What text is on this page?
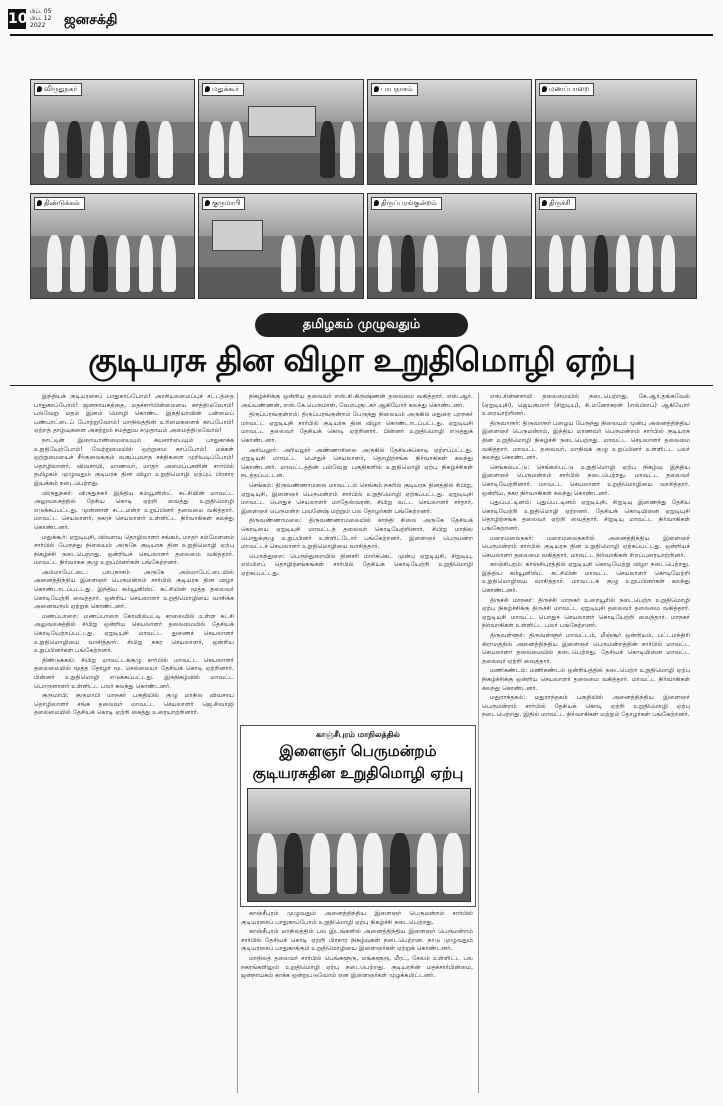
10 பிப். 05
பிப். 12
2022	ஜனசக்தி
விருதுநகர்	மதுக்கூர்	பாபநாசம்	மணப்பாறை
திண்டுக்கல்	குருமாபி	திருப்பரங்குன்றம்	திருச்சி
தமிழகம் முழுவதும்
குடியரசு தின விழா உறுதிமொழி ஏற்பு

இந்தியக் குடியரசைப் பாதுகாப்போம்! அரசியலமைப்புச் சட்டத்தை பாதுகாப்போம்! ஜனநாயகத்தை, மதச்சார்பின்மையை காத்திடுவோம்! பல்வேறு மதம் இனம் மொழி கொண்ட இந்தியாவின் பன்மைப் பண்பாட்டைப் போற்றுவோம்! மாநிலத்தின் உரிமைகளைக் காப்போம்! ஏற்றத் தாழ்வுகளை அகற்றும் சமத்துவ சமுதாயம் அமைத்திடுவோம்!

நாட்டின் இறையாண்மையையும் சுயசார்பையும் பாதுகாக்க உறுதியேற்போம்! வேற்றுமையில் ஒற்றுமை காப்போம்! மக்கள் ஒற்றுமையைச் சீர்குலைக்கும் வகுப்புவாத சக்திகளை முறியடிப்போம்! தொழிலாளர், விவசாயி, மாணவர், மாதர் அமைப்புகளின் சார்பில் தமிழகம் முழுவதும் குடியரசு தின விழா உறுதிமொழி ஏற்புப் பிரசார இயக்கம் நடைபெற்றது.

விருதுநகர்: விருதுநகர் இந்திய கம்யூனிஸ்ட் கட்சியின் மாவட்ட அலுவலகத்தில் தேசிய கொடி ஏற்றி வைத்து உறுதிமொழி எடுக்கப்பட்டது. முன்னாள் சட்டமன்ற உறுப்பினர் தலைமை வகித்தார். மாவட்ட செயலாளர், நகரச் செயலாளர் உள்ளிட்ட நிர்வாகிகள் கலந்து கொண்டனர்.

மதுக்கூர்: ஏஐடியுசி, விவசாய தொழிலாளர் சங்கம், மாதர் சம்மேளனம் சார்பில் பேருந்து நிலையம் அருகே குடியரசு தின உறுதிமொழி ஏற்பு நிகழ்ச்சி நடைபெற்றது. ஒன்றியச் செயலாளர் தலைமை வகித்தார். மாவட்ட நிர்வாகக் குழு உறுப்பினர்கள் பங்கேற்றனர்.

அம்மாபேட்டை: பாபநாசம் அருகே அம்மாபேட்டையில் அனைத்திந்திய இளைஞர் பெருமன்றம் சார்பில் குடியரசு தின விழா கொண்டாடப்பட்டது. இந்திய கம்யூனிஸ்ட் கட்சியின் மூத்த தலைவர் கொடியேற்றி வைத்தார். ஒன்றிய செயலாளர் உறுதிமொழியை வாசிக்க அனைவரும் ஏற்றுக் கொண்டனர்.

மணப்பாறை: மணப்பாறை கோவில்பட்டி சாலையில் உள்ள கட்சி அலுவலகத்தில் சிபிஐ ஒன்றிய செயலாளர் தலைமையில் தேசியக் கொடியேற்றப்பட்டது. ஏஐடியுசி மாவட்ட துணைச் செயலாளர் உறுதிமொழியை வாசித்தார். சிபிஐ நகர செயலாளர், ஒன்றிய உறுப்பினர்கள் பங்கேற்றனர்.

திண்டுக்கல்: சிபிஐ மாவட்டக்குழு சார்பில் மாவட்ட செயலாளர் தலைமையில் மூத்த தோழர் மூ. செல்லையா தேசியக் கொடி ஏற்றினார். பின்னர் உறுதிமொழி எடுக்கப்பட்டது. இந்நிகழ்வில் மாவட்ட பொருளாளர் உள்ளிட்ட பலர் கலந்து கொண்டனர்.

குருமாபி: குருமாபி மாநகர் பகுதியில் குழு மாநில விவசாய தொழிலாளர் சங்க தலைவர் மாவட்ட செயலாளர் ஜெ.சிவாஜி தலைமையில் தேசியக் கொடி ஏற்றி கைத்து உரையாற்றினார்.

நிகழ்ச்சிக்கு ஒன்றிய தலைவர் எஸ்.சி.கிருஷ்ணன் தலைமை வகித்தார். எஸ்.ஆர். அய்யண்ணன், எஸ்.கே.பெருமாள், வேம்புகுடகர் ஆகியோர் கலந்து கொண்டனர்.

திருப்பரங்குன்றம்: திருப்பரங்குன்றம் பேருந்து நிலையம் அருகில் மதுரை புறநகர் மாவட்ட ஏஐடியுசி சார்பில் குடியரசு தின விழா கொண்டாடப்பட்டது. ஏஐடியுசி மாவட்ட தலைவர் தேசியக் கொடி ஏற்றினார். பின்னர் உறுதிமொழி எடுத்துக் கொண்டனர்.

அரியலூர்: அரியலூர் அண்ணாசிலை அருகில் தேசியக்கொடி ஏற்றப்பட்டது. ஏஐடியுசி மாவட்ட பொதுச் செயலாளர், தொழிற்சங்க நிர்வாகிகள் கலந்து கொண்டனர். மாவட்டத்தின் பல்வேறு பகுதிகளில் உறுதிமொழி ஏற்பு நிகழ்ச்சிகள் நடத்தப்பட்டன.

செங்கம்: திருவண்ணாமலை மாவட்டம் செங்கம் நகரில் குடியரசு தினத்தில் சிபிஐ, ஏஐடியுசி, இளைஞர் பெருமன்றம் சார்பில் உறுதிமொழி ஏற்கப்பட்டது. ஏஐடியுசி மாவட்ட பொதுச் செயலாளர் மாதேஸ்வரன், சிபிஐ வட்ட செயலாளர் சர்தார், இளைஞர் பெருமன்ற புவனேஷ் மற்றும் பல தோழர்கள் பங்கேற்றனர்.

திருவண்ணாமலை: திருவண்ணாமலையில் காந்தி சிலை அருகே தேசியக் கொடியை ஏஐடியுசி மாவட்டத் தலைவர் கொடியேற்றினார். சிபிஐ மாநில பொதுக்குழு உறுப்பினர் உள்ளிட்டோர் பங்கேற்றனர். இளைஞர் பெருமன்ற மாவட்டச் செயலாளர் உறுதிமொழியை வாசித்தார்.

பெருந்துறை: பெருந்துறையில் தினசரி மார்க்கெட் முன்பு ஏஐடியுசி, சிஐடியு, எல்பிஎப் தொழிற்சங்கங்கள் சார்பில் தேசியக் கொடியேற்றி உறுதிமொழி ஏற்கப்பட்டது.

காஞ்சீபுரம் மாநிலத்தில்
இளைஞர் பெருமன்றம்
குடியரசுதின உறுதிமொழி ஏற்பு

காஞ்சீபுரம் முழுவதும் அனைத்திந்திய இளைஞர் பெருமன்றம் சார்பில் குடியரசைப் பாதுகாப்போம் உறுதிமொழி ஏற்பு நிகழ்ச்சி நடைபெற்றது.

காஞ்சீபுரம் மாநிலத்தில் பல இடங்களில் அனைத்திந்திய இளைஞர் பெருமன்றம் சார்பில் தேசியக் கொடி ஏற்றி பிரசார நிகழ்வுகள் நடைபெற்றன. நாடு முழுவதும் குடியரசைப் பாதுகாக்கும் உறுதிமொழியை இளைஞர்கள் ஏற்றுக் கொண்டனர்.

மாநிலத் தலைவர் சார்பில் பெங்களூரு, மங்களூரு, மீரட், சேலம் உள்ளிட்ட பல நகரங்களிலும் உறுதிமொழி ஏற்பு நடைபெற்றது. குடியரசின் மதச்சார்பின்மை, ஜனநாயகம் காக்க ஒன்றுபடுவோம் என இளைஞர்கள் முழக்கமிட்டனர்.

எஸ்.சின்னசாமி தலைமையில் நடைபெற்றது. கே.ஆர்.தங்கவேல் (ஏஐடியுசி), ஜெயகுமார் (சிஐடியு), சி.மனோகரன் (எல்பிஎப்) ஆகியோர் உரையாற்றினர்.

திருவாரூர்: திருவாரூர் பழைய பேருந்து நிலையம் முன்பு அனைத்திந்திய இளைஞர் பெருமன்றம், இந்திய மாணவர் பெருமன்றம் சார்பில் குடியரசு தின உறுதிமொழி நிகழ்ச்சி நடைபெற்றது. மாவட்ட செயலாளர் தலைமை வகித்தார். மாவட்ட தலைவர், மாநிலக் குழு உறுப்பினர் உள்ளிட்ட பலர் கலந்து கொண்டனர்.

செங்கல்பட்டு: செங்கல்பட்டு உறுதிமொழி ஏற்பு நிகழ்வு இந்திய இளைஞர் பெருமன்றம் சார்பில் நடைபெற்றது. மாவட்ட தலைவர் கொடியேற்றினார். மாவட்ட செயலாளர் உறுதிமொழியை வாசித்தார். ஒன்றிய, நகர நிர்வாகிகள் கலந்து கொண்டனர்.

புதுப்பட்டினம்: புதுப்பட்டினம் ஏஐடியுசி, சிஐடியு இணைந்து தேசிய கொடியேற்றி உறுதிமொழி ஏற்றனர். தேசியக் கொடியினை ஏஐடியுசி தொழிற்சங்க தலைவர் ஏற்றி வைத்தார். சிஐடியு மாவட்ட நிர்வாகிகள் பங்கேற்றனர்.

மறைமலைநகர்: மறைமலைநகரில் அனைத்திந்திய இளைஞர் பெருமன்றம் சார்பில் குடியரசு தின உறுதிமொழி ஏற்கப்பட்டது. ஒன்றியச் செயலாளர் தலைமை வகித்தார். மாவட்ட நிர்வாகிகள் சிறப்புரையாற்றினர்.

காஞ்சிபுரம்: காஞ்சிபுரத்தில் ஏஐடியுசி கொடியேற்று விழா நடைபெற்றது. இந்திய கம்யூனிஸ்ட் கட்சியின் மாவட்ட செயலாளர் கொடியேற்றி உறுதிமொழியை வாசித்தார். மாவட்டக் குழு உறுப்பினர்கள் கலந்து கொண்டனர்.

திருச்சி மாநகர்: திருச்சி மாநகர் உறையூரில் நடைபெற்ற உறுதிமொழி ஏற்பு நிகழ்ச்சிக்கு திருச்சி மாவட்ட ஏஐடியுசி தலைவர் தலைமை வகித்தார். ஏஐடியுசி மாவட்ட பொதுச் செயலாளர் கொடியேற்றி வைத்தார். மாநகர் நிர்வாகிகள் உள்ளிட்ட பலர் பங்கேற்றனர்.

திருவள்ளூர்: திருவள்ளூர் மாவட்டம், மீஞ்சூர் ஒன்றியம், பட்டமந்திரி கிராமத்தில் அனைத்திந்திய இளைஞர் பெருமன்றத்தின் சார்பில் மாவட்ட செயலாளர் தலைமையில் நடைபெற்றது. தேசியக் கொடியினை மாவட்ட தலைவர் ஏற்றி வைத்தார்.

மணிகண்டம்: மணிகண்டம் ஒன்றியத்தில் நடைபெற்ற உறுதிமொழி ஏற்பு நிகழ்ச்சிக்கு ஒன்றிய செயலாளர் தலைமை வகித்தார். மாவட்ட நிர்வாகிகள் கலந்து கொண்டனர்.

மதுராந்தகம்: மதுராந்தகம் பகுதியில் அனைத்திந்திய இளைஞர் பெருமன்றம் சார்பில் தேசியக் கொடி ஏற்றி உறுதிமொழி ஏற்பு நடைபெற்றது. இதில் மாவட்ட நிர்வாகிகள் மற்றும் தோழர்கள் பங்கேற்றனர்.
